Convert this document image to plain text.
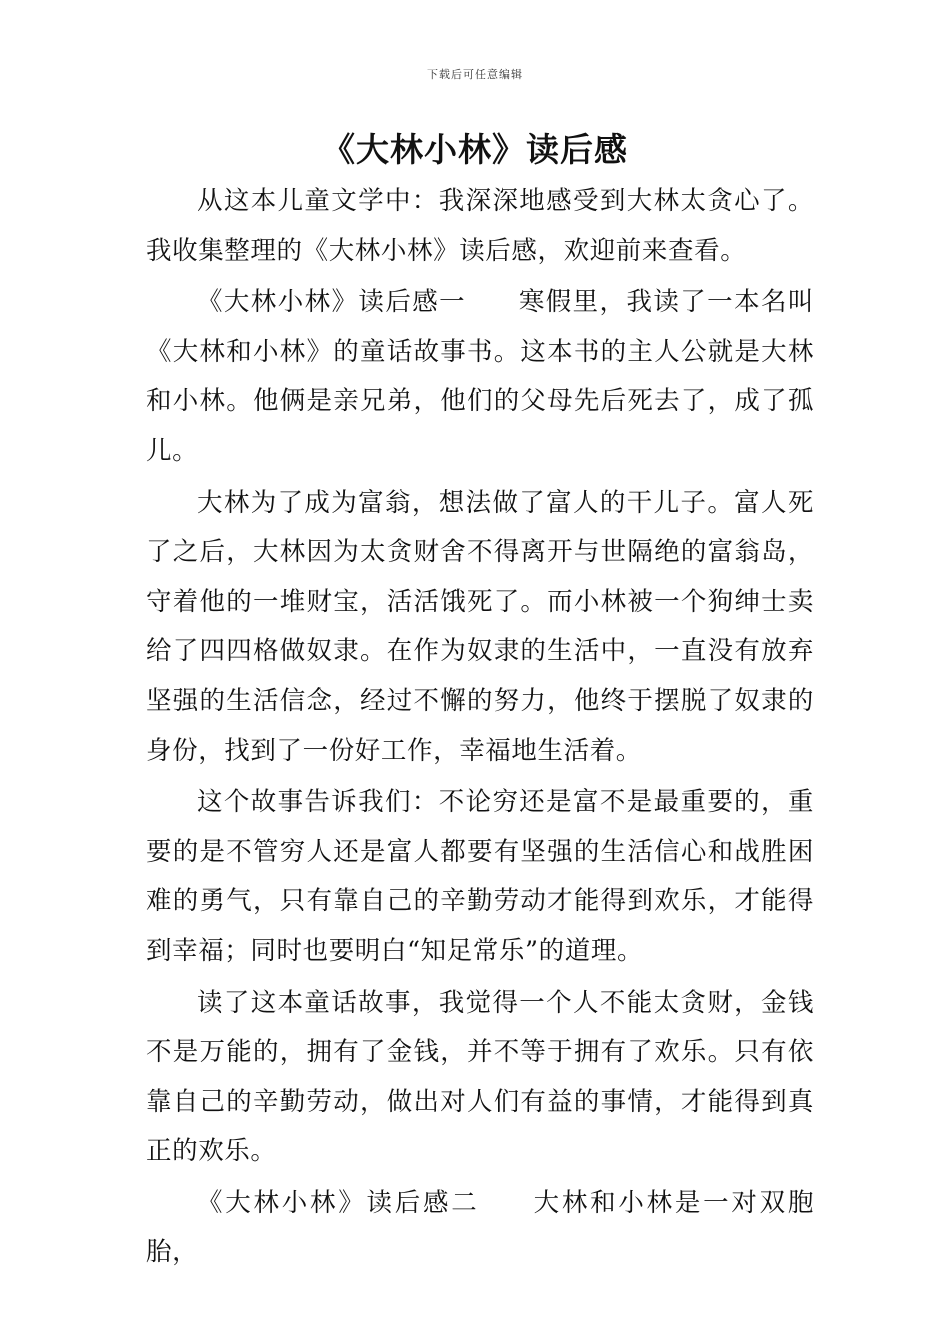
下载后可任意编辑
《大林小林》读后感

从这本儿童文学中：我深深地感受到大林太贪心了。我收集整理的《大林小林》读后感，欢迎前来查看。

《大林小林》读后感一 寒假里，我读了一本名叫《大林和小林》的童话故事书。这本书的主人公就是大林和小林。他俩是亲兄弟，他们的父母先后死去了，成了孤儿。

大林为了成为富翁，想法做了富人的干儿子。富人死了之后，大林因为太贪财舍不得离开与世隔绝的富翁岛，守着他的一堆财宝，活活饿死了。而小林被一个狗绅士卖给了四四格做奴隶。在作为奴隶的生活中，一直没有放弃坚强的生活信念，经过不懈的努力，他终于摆脱了奴隶的身份，找到了一份好工作，幸福地生活着。

这个故事告诉我们：不论穷还是富不是最重要的，重要的是不管穷人还是富人都要有坚强的生活信心和战胜困难的勇气，只有靠自己的辛勤劳动才能得到欢乐，才能得到幸福；同时也要明白“知足常乐”的道理。

读了这本童话故事，我觉得一个人不能太贪财，金钱不是万能的，拥有了金钱，并不等于拥有了欢乐。只有依靠自己的辛勤劳动，做出对人们有益的事情，才能得到真正的欢乐。

《大林小林》读后感二 大林和小林是一对双胞胎，
